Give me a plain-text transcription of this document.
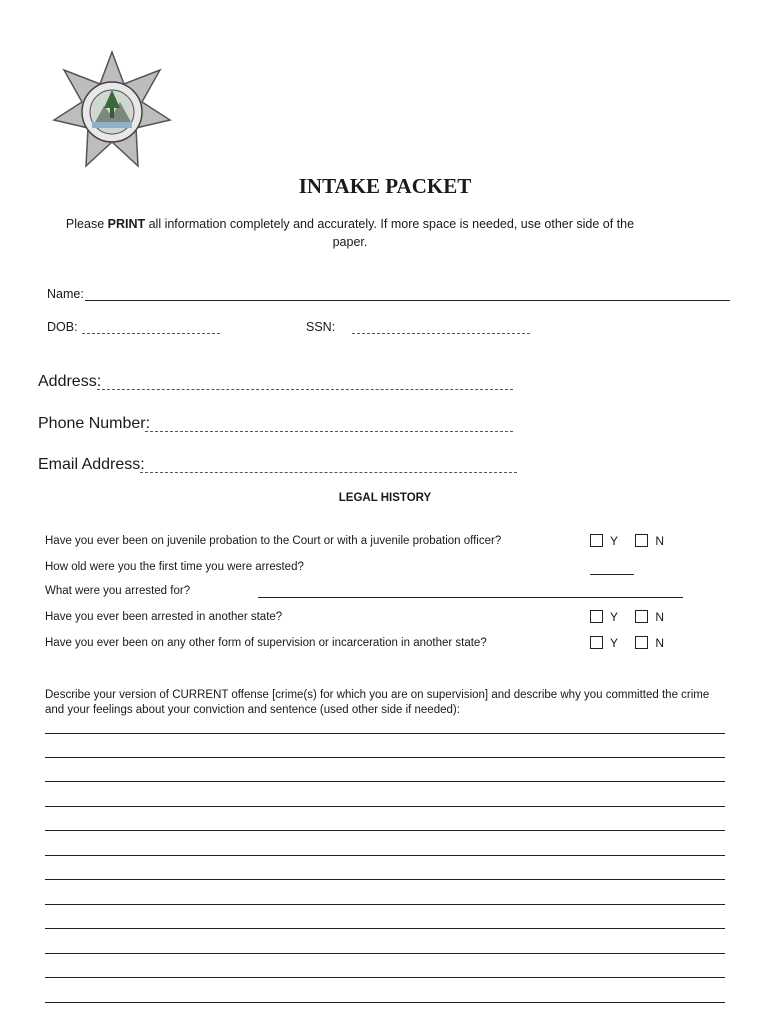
INTAKE PACKET
Please PRINT all information completely and accurately. If more space is needed, use other side of the paper.
Name:
DOB:	SSN:
Address:
Phone Number:
Email Address:
LEGAL HISTORY
Have you ever been on juvenile probation to the Court or with a juvenile probation officer?	Y	N
How old were you the first time you were arrested?
What were you arrested for?
Have you ever been arrested in another state?	Y	N
Have you ever been on any other form of supervision or incarceration in another state?	Y	N
Describe your version of CURRENT offense [crime(s) for which you are on supervision] and describe why you committed the crime and your feelings about your conviction and sentence (used other side if needed):
